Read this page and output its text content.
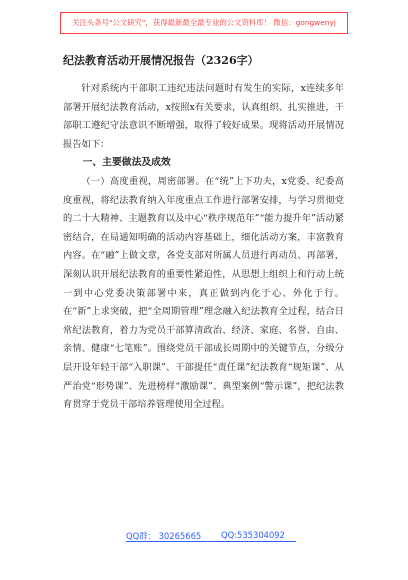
关注头条号"公文研究"，获得最新最全最专业的公文资料库！ 微信：gongwenyj
纪法教育活动开展情况报告（2326字）

针对系统内干部职工违纪违法问题时有发生的实际，x连续多年部署开展纪法教育活动，x按照x有关要求，认真组织、扎实推进，干部职工遵纪守法意识不断增强，取得了较好成果。现将活动开展情况报告如下：

一、主要做法及成效

（一）高度重视，周密部署。在“统”上下功夫，x党委、纪委高度重视，将纪法教育纳入年度重点工作进行部署安排，与学习贯彻党的二十大精神、主题教育以及中心“秩序规范年”“能力提升年”活动紧密结合，在局通知明确的活动内容基础上，细化活动方案，丰富教育内容。在“融”上做文章，各党支部对所属人员进行再动员、再部署，深刻认识开展纪法教育的重要性紧迫性，从思想上组织上和行动上统一到中心党委决策部署中来，真正做到内化于心、外化于行。在“新”上求突破，把“全周期管理”理念融入纪法教育全过程，结合日常纪法教育，着力为党员干部算清政治、经济、家庭、名誉、自由、亲情、健康“七笔账”。围绕党员干部成长周期中的关键节点，分级分层开设年轻干部“入职课”、干部提任“责任课”纪法教育“规矩课”、从严治党“形势课”、先进榜样“激励课”、典型案例“警示课”，把纪法教育贯穿于党员干部培养管理使用全过程。

QQ群： 30265665 QQ:535304092
